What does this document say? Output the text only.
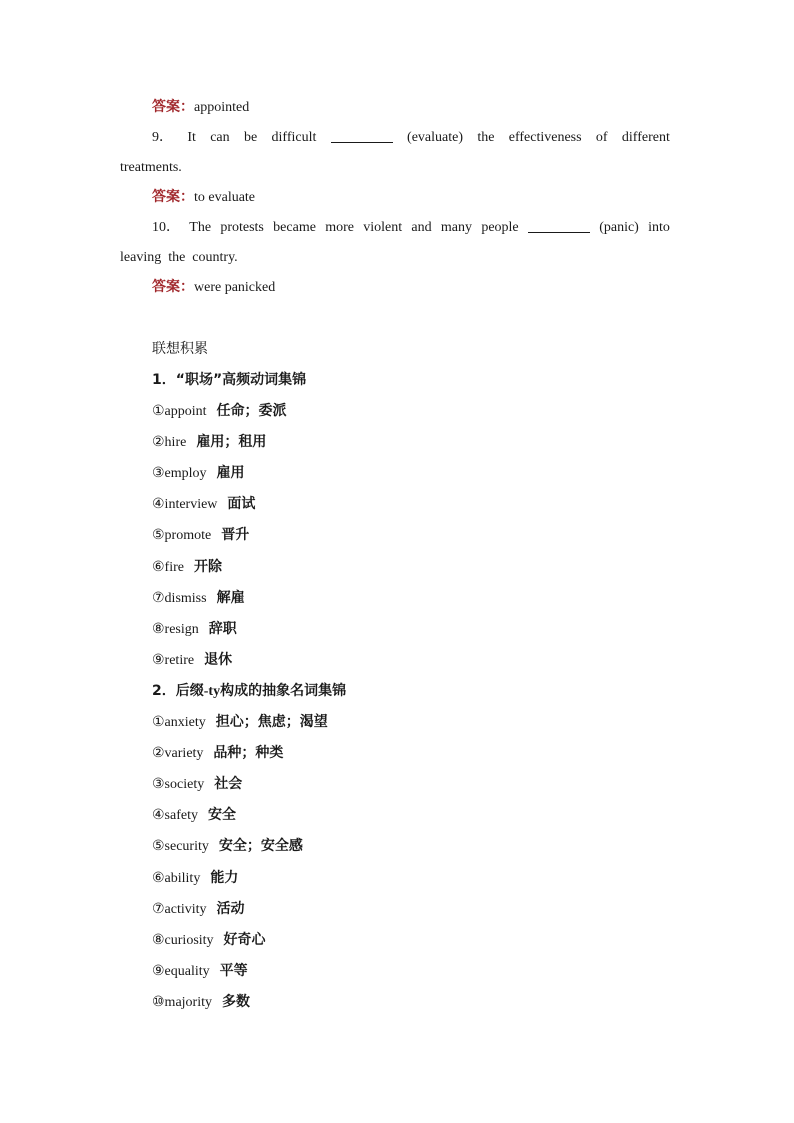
答案：appointed
9． It can be difficult	(evaluate) the effectiveness of different
treatments.
答案：to evaluate
10． The protests became more violent and many people	(panic) into
leaving  the  country.
答案：were panicked
联想积累
1．“职场”高频动词集锦
①appoint 任命；委派
②hire 雇用；租用
③employ 雇用
④interview 面试
⑤promote 晋升
⑥fire 开除
⑦dismiss 解雇
⑧resign 辞职
⑨retire 退休
2．后缀-ty构成的抽象名词集锦
①anxiety 担心；焦虑；渴望
②variety 品种；种类
③society 社会
④safety 安全
⑤security 安全；安全感
⑥ability 能力
⑦activity 活动
⑧curiosity 好奇心
⑨equality 平等
⑩majority 多数
